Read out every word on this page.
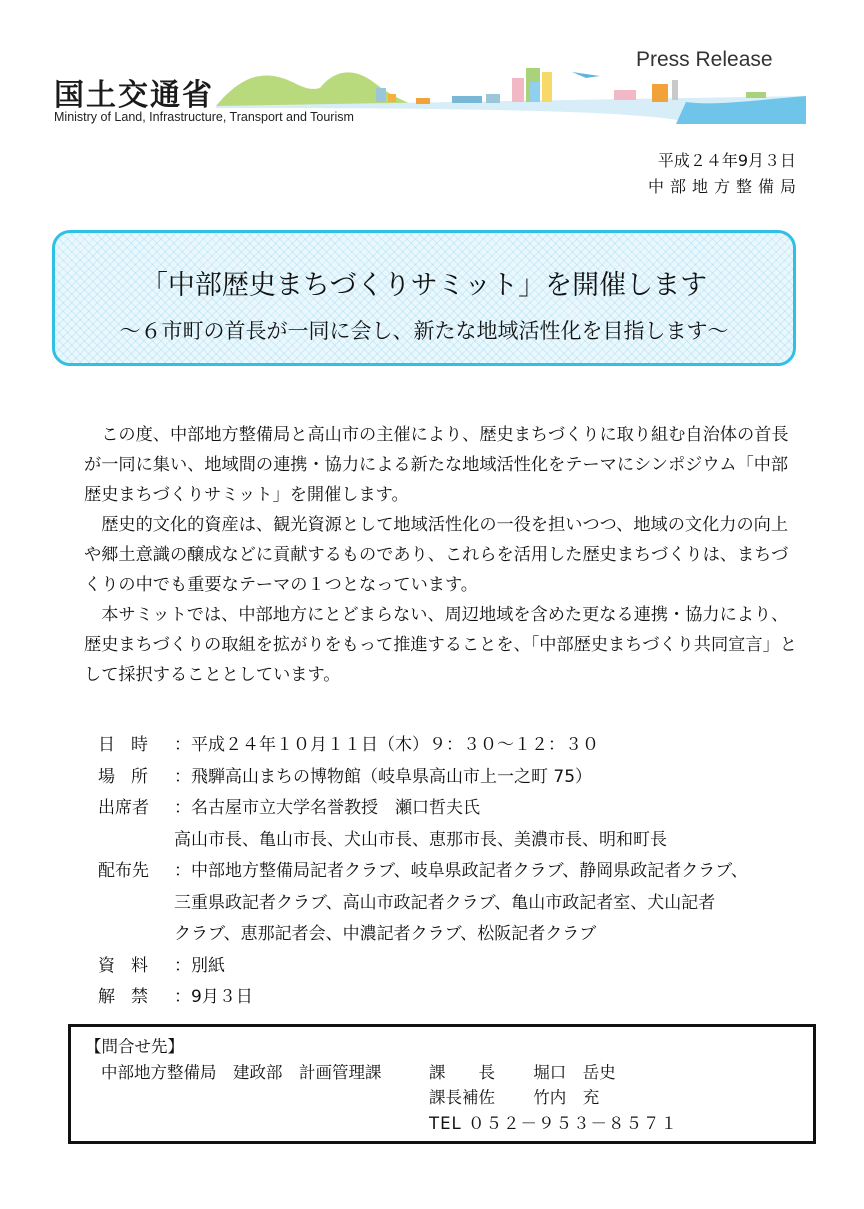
国土交通省
Ministry of Land, Infrastructure, Transport and Tourism
Press Release
平成２４年9月３日
中部地方整備局
「中部歴史まちづくりサミット」を開催します
～６市町の首長が一同に会し、新たな地域活性化を目指します～

この度、中部地方整備局と高山市の主催により、歴史まちづくりに取り組む自治体の首長が一同に集い、地域間の連携・協力による新たな地域活性化をテーマにシンポジウム「中部歴史まちづくりサミット」を開催します。

歴史的文化的資産は、観光資源として地域活性化の一役を担いつつ、地域の文化力の向上や郷土意識の醸成などに貢献するものであり、これらを活用した歴史まちづくりは、まちづくりの中でも重要なテーマの１つとなっています。

本サミットでは、中部地方にとどまらない、周辺地域を含めた更なる連携・協力により、歴史まちづくりの取組を拡がりをもって推進することを、「中部歴史まちづくり共同宣言」として採択することとしています。

日時 ：平成２４年１０月１１日（木）９：３０～１２：３０
場所 ：飛騨高山まちの博物館（岐阜県高山市上一之町 75）
出席者	：名古屋市立大学名誉教授　瀬口哲夫氏
高山市長、亀山市長、犬山市長、恵那市長、美濃市長、明和町長
配布先	：中部地方整備局記者クラブ、岐阜県政記者クラブ、静岡県政記者クラブ、
三重県政記者クラブ、高山市政記者クラブ、亀山市政記者室、犬山記者
クラブ、恵那記者会、中濃記者クラブ、松阪記者クラブ
資料 ：別紙
解禁 ：9月３日
【問合せ先】
中部地方整備局　建政部　計画管理課	課　　長　　 堀口　岳史
課長補佐　　 竹内　充
TEL ０５２－９５３－８５７１
